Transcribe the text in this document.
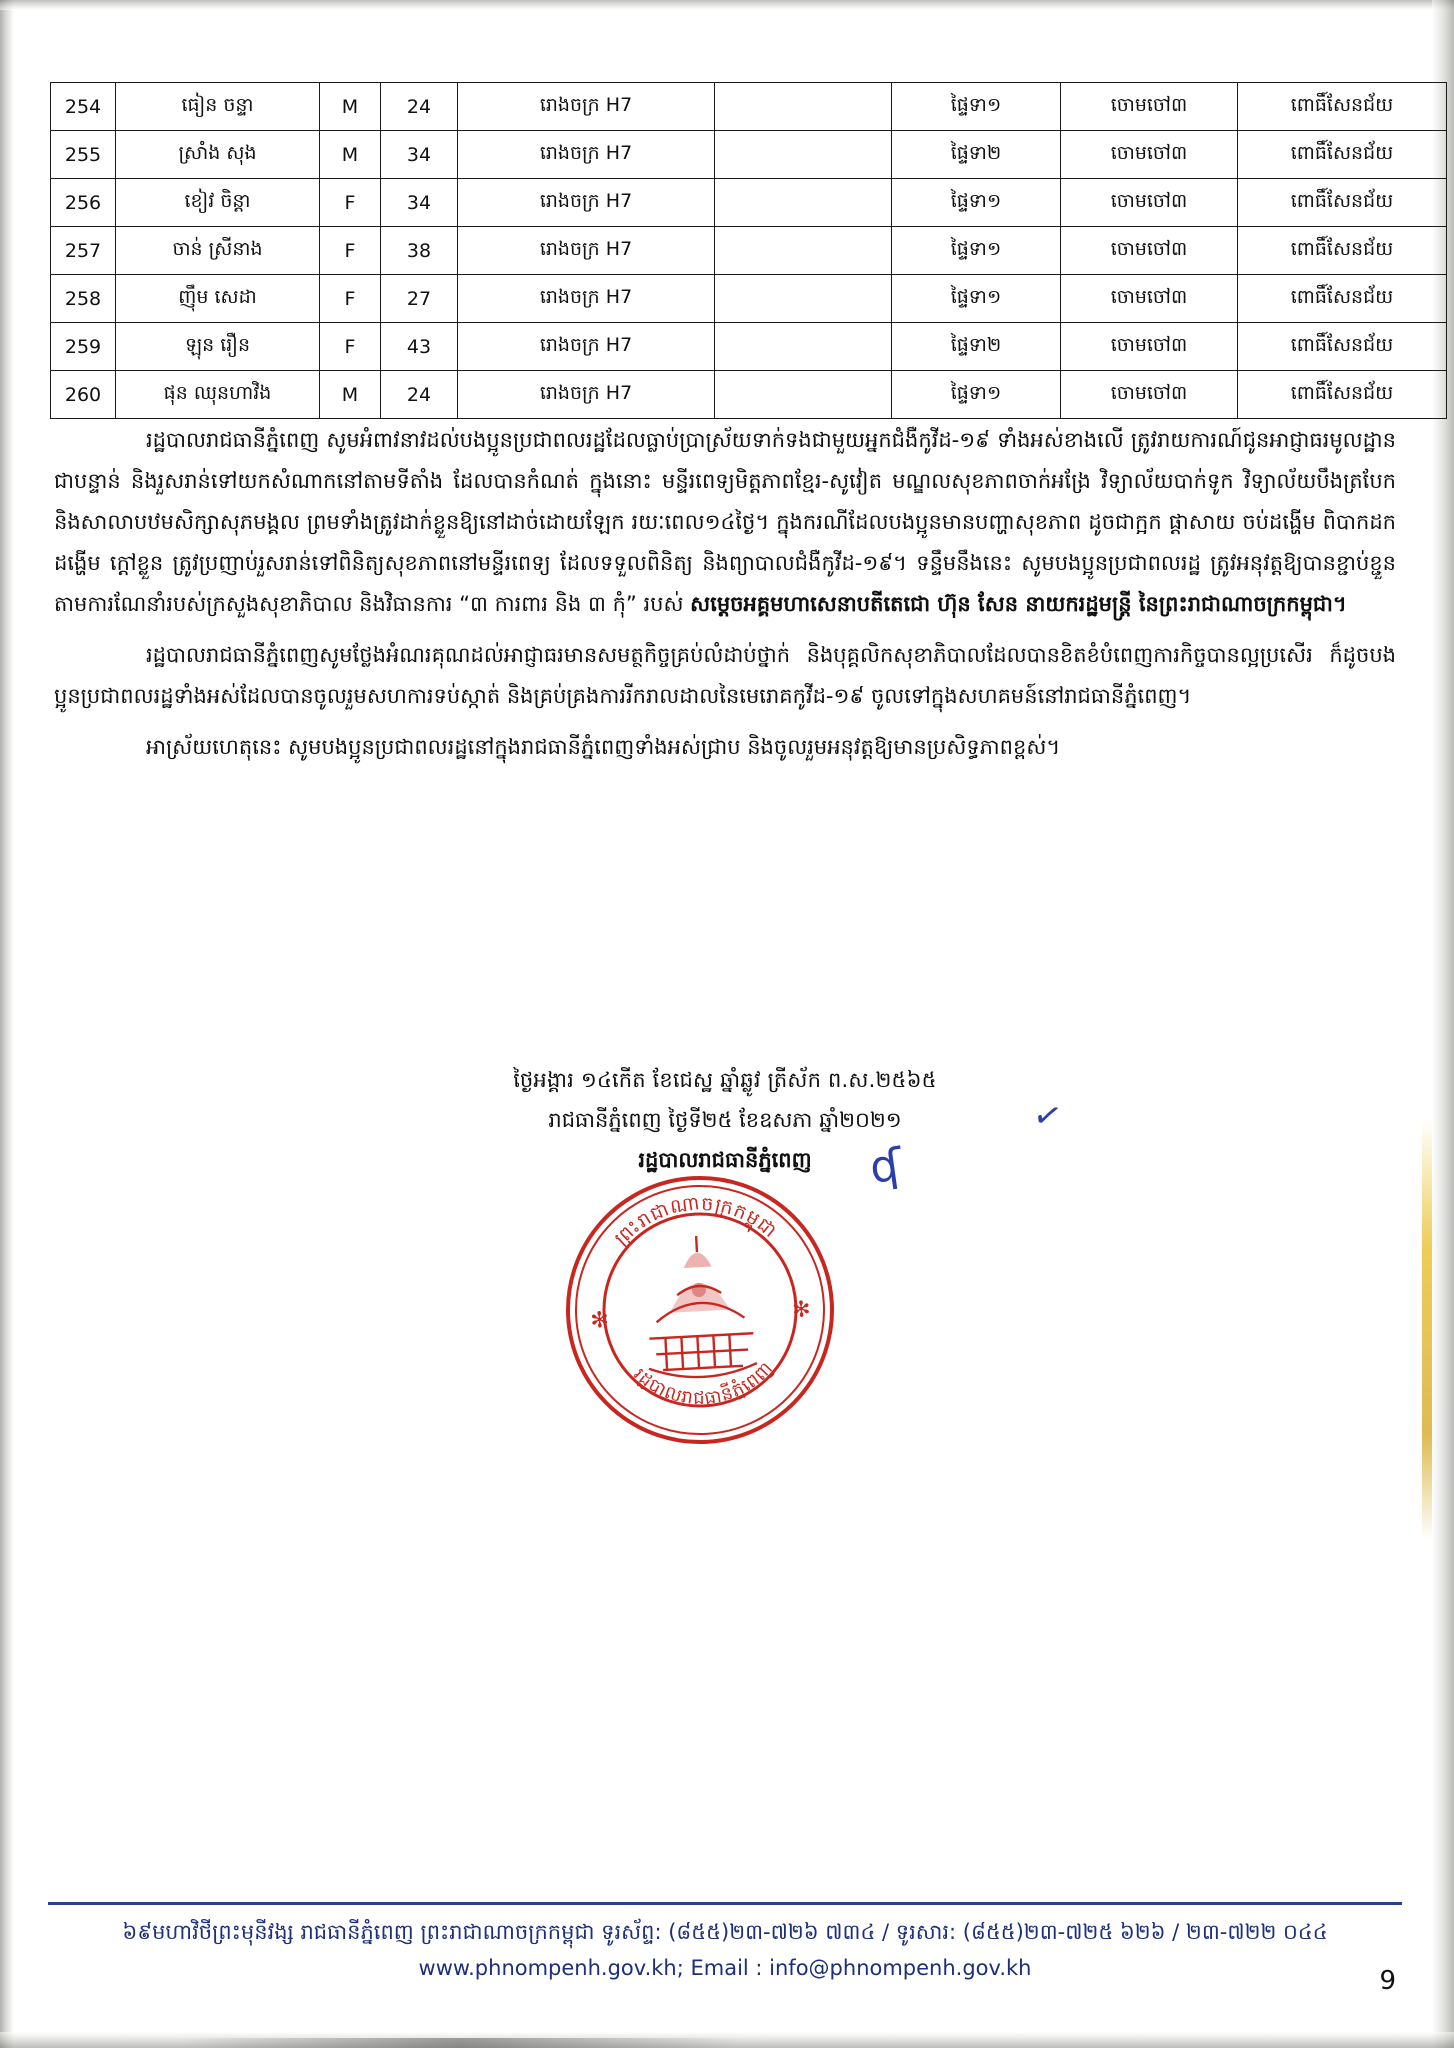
254	ធៀន ចន្ទា	M	24	រោងចក្រ H7		ផ្ទៃទា១	ចោមចៅ៣	ពោធិ៍សែនជ័យ
255	ស្រាំង សុង	M	34	រោងចក្រ H7		ផ្ទៃទា២	ចោមចៅ៣	ពោធិ៍សែនជ័យ
256	ខៀវ ចិន្តា	F	34	រោងចក្រ H7		ផ្ទៃទា១	ចោមចៅ៣	ពោធិ៍សែនជ័យ
257	ចាន់ ស្រីនាង	F	38	រោងចក្រ H7		ផ្ទៃទា១	ចោមចៅ៣	ពោធិ៍សែនជ័យ
258	ញ៉ឹម សេដា	F	27	រោងចក្រ H7		ផ្ទៃទា១	ចោមចៅ៣	ពោធិ៍សែនជ័យ
259	ឡុន រឿន	F	43	រោងចក្រ H7		ផ្ទៃទា២	ចោមចៅ៣	ពោធិ៍សែនជ័យ
260	ផុន ឈុនហាវិង	M	24	រោងចក្រ H7		ផ្ទៃទា១	ចោមចៅ៣	ពោធិ៍សែនជ័យ
រដ្ឋបាលរាជធានីភ្នំពេញ សូមអំពាវនាវដល់បងប្អូនប្រជាពលរដ្ឋដែលធ្លាប់ប្រាស្រ័យទាក់ទងជាមួយអ្នកជំងឺកូវីដ-១៩ ទាំងអស់ខាងលើ ត្រូវរាយការណ៍ជូនអាជ្ញាធរមូលដ្ឋានជាបន្ទាន់ និងរួសរាន់ទៅយកសំណាកនៅតាមទីតាំង ដែលបានកំណត់ ក្នុងនោះ មន្ទីរពេទ្យមិត្តភាពខ្មែរ-សូវៀត មណ្ឌលសុខភាពចាក់អង្រែ វិទ្យាល័យបាក់ទូក វិទ្យាល័យបឹងត្របែក និងសាលាបឋមសិក្សាសុភមង្គល ព្រមទាំងត្រូវដាក់ខ្លួនឱ្យនៅដាច់ដោយឡែក រយៈពេល១៤ថ្ងៃ។ ក្នុងករណីដែលបងប្អូនមានបញ្ហាសុខភាព ដូចជាក្អក ផ្តាសាយ ចប់ដង្ហើម ពិបាកដកដង្ហើម ក្តៅខ្លួន ត្រូវប្រញាប់រួសរាន់ទៅពិនិត្យសុខភាពនៅមន្ទីរពេទ្យ ដែលទទួលពិនិត្យ និងព្យាបាលជំងឺកូវីដ-១៩។ ទន្ទឹមនឹងនេះ សូមបងប្អូនប្រជាពលរដ្ឋ ត្រូវអនុវត្តឱ្យបានខ្ជាប់ខ្ជួនតាមការណែនាំរបស់ក្រសួងសុខាភិបាល និងវិធានការ “៣ ការពារ និង ៣ កុំ” របស់ សម្តេចអគ្គមហាសេនាបតីតេជោ ហ៊ុន សែន នាយករដ្ឋមន្ត្រី នៃព្រះរាជាណាចក្រកម្ពុជា។
រដ្ឋបាលរាជធានីភ្នំពេញសូមថ្លែងអំណរគុណដល់អាជ្ញាធរមានសមត្ថកិច្ចគ្រប់លំដាប់ថ្នាក់ និងបុគ្គលិកសុខាភិបាលដែលបានខិតខំបំពេញការកិច្ចបានល្អប្រសើរ ក៏ដូចបងប្អូនប្រជាពលរដ្ឋទាំងអស់ដែលបានចូលរួមសហការទប់ស្កាត់ និងគ្រប់គ្រងការរីករាលដាលនៃមេរោគកូវីដ-១៩ ចូលទៅក្នុងសហគមន៍នៅរាជធានីភ្នំពេញ។
អាស្រ័យហេតុនេះ សូមបងប្អូនប្រជាពលរដ្ឋនៅក្នុងរាជធានីភ្នំពេញទាំងអស់ជ្រាប និងចូលរួមអនុវត្តឱ្យមានប្រសិទ្ធភាពខ្ពស់។
ថ្ងៃអង្គារ ១៤កើត ខែជេស្ឋ ឆ្នាំឆ្លូវ ត្រីស័ក ព.ស.២៥៦៥
រាជធានីភ្នំពេញ ថ្ងៃទី២៥ ខែឧសភា ឆ្នាំ២០២១
រដ្ឋបាលរាជធានីភ្នំពេញ
✓
ʠ
✻	✻
ព្រះរាជាណាចក្រកម្ពុជា
រដ្ឋបាលរាជធានីភ្នំពេញ
៦៩មហាវិថីព្រះមុនីវង្ស រាជធានីភ្នំពេញ ព្រះរាជាណាចក្រកម្ពុជា ទូរស័ព្ទ: (៨៥៥)២៣-៧២៦ ៧៣៤ / ទូរសារ: (៨៥៥)២៣-៧២៥ ៦២៦ / ២៣-៧២២ ០៤៤
www.phnompenh.gov.kh; Email : info@phnompenh.gov.kh	9
